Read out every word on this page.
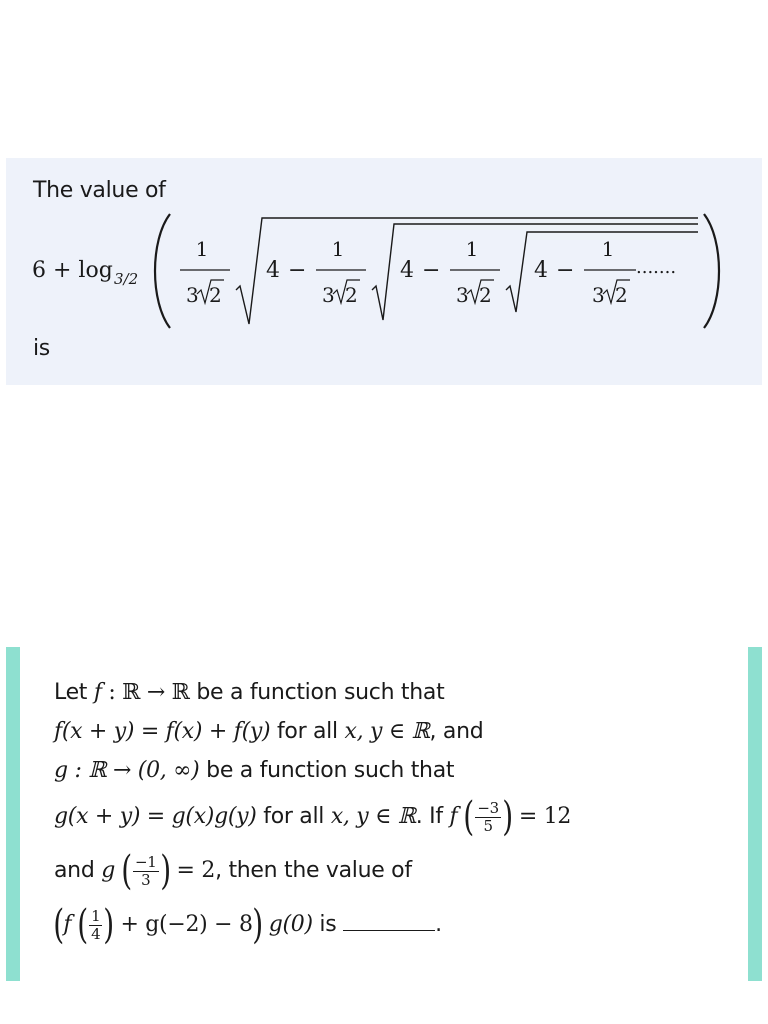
The value of
6 + log 3/2
1
3 2
4 −
1
3 2
4 −
1
3 2
4 −
1
3 2
.......
is
Let f : ℝ → ℝ be a function such that
f(x + y) = f(x) + f(y) for all x, y ∈ ℝ, and
g : ℝ → (0, ∞) be a function such that
g(x + y) = g(x)g(y) for all x, y ∈ ℝ. If f ( $\frac{-3}{5}$ ) = 12
and g ( $\frac{-1}{3}$ ) = 2, then the value of
(f ( $\frac{1}{4}$ ) + g(−2) − 8) g(0) is	.
